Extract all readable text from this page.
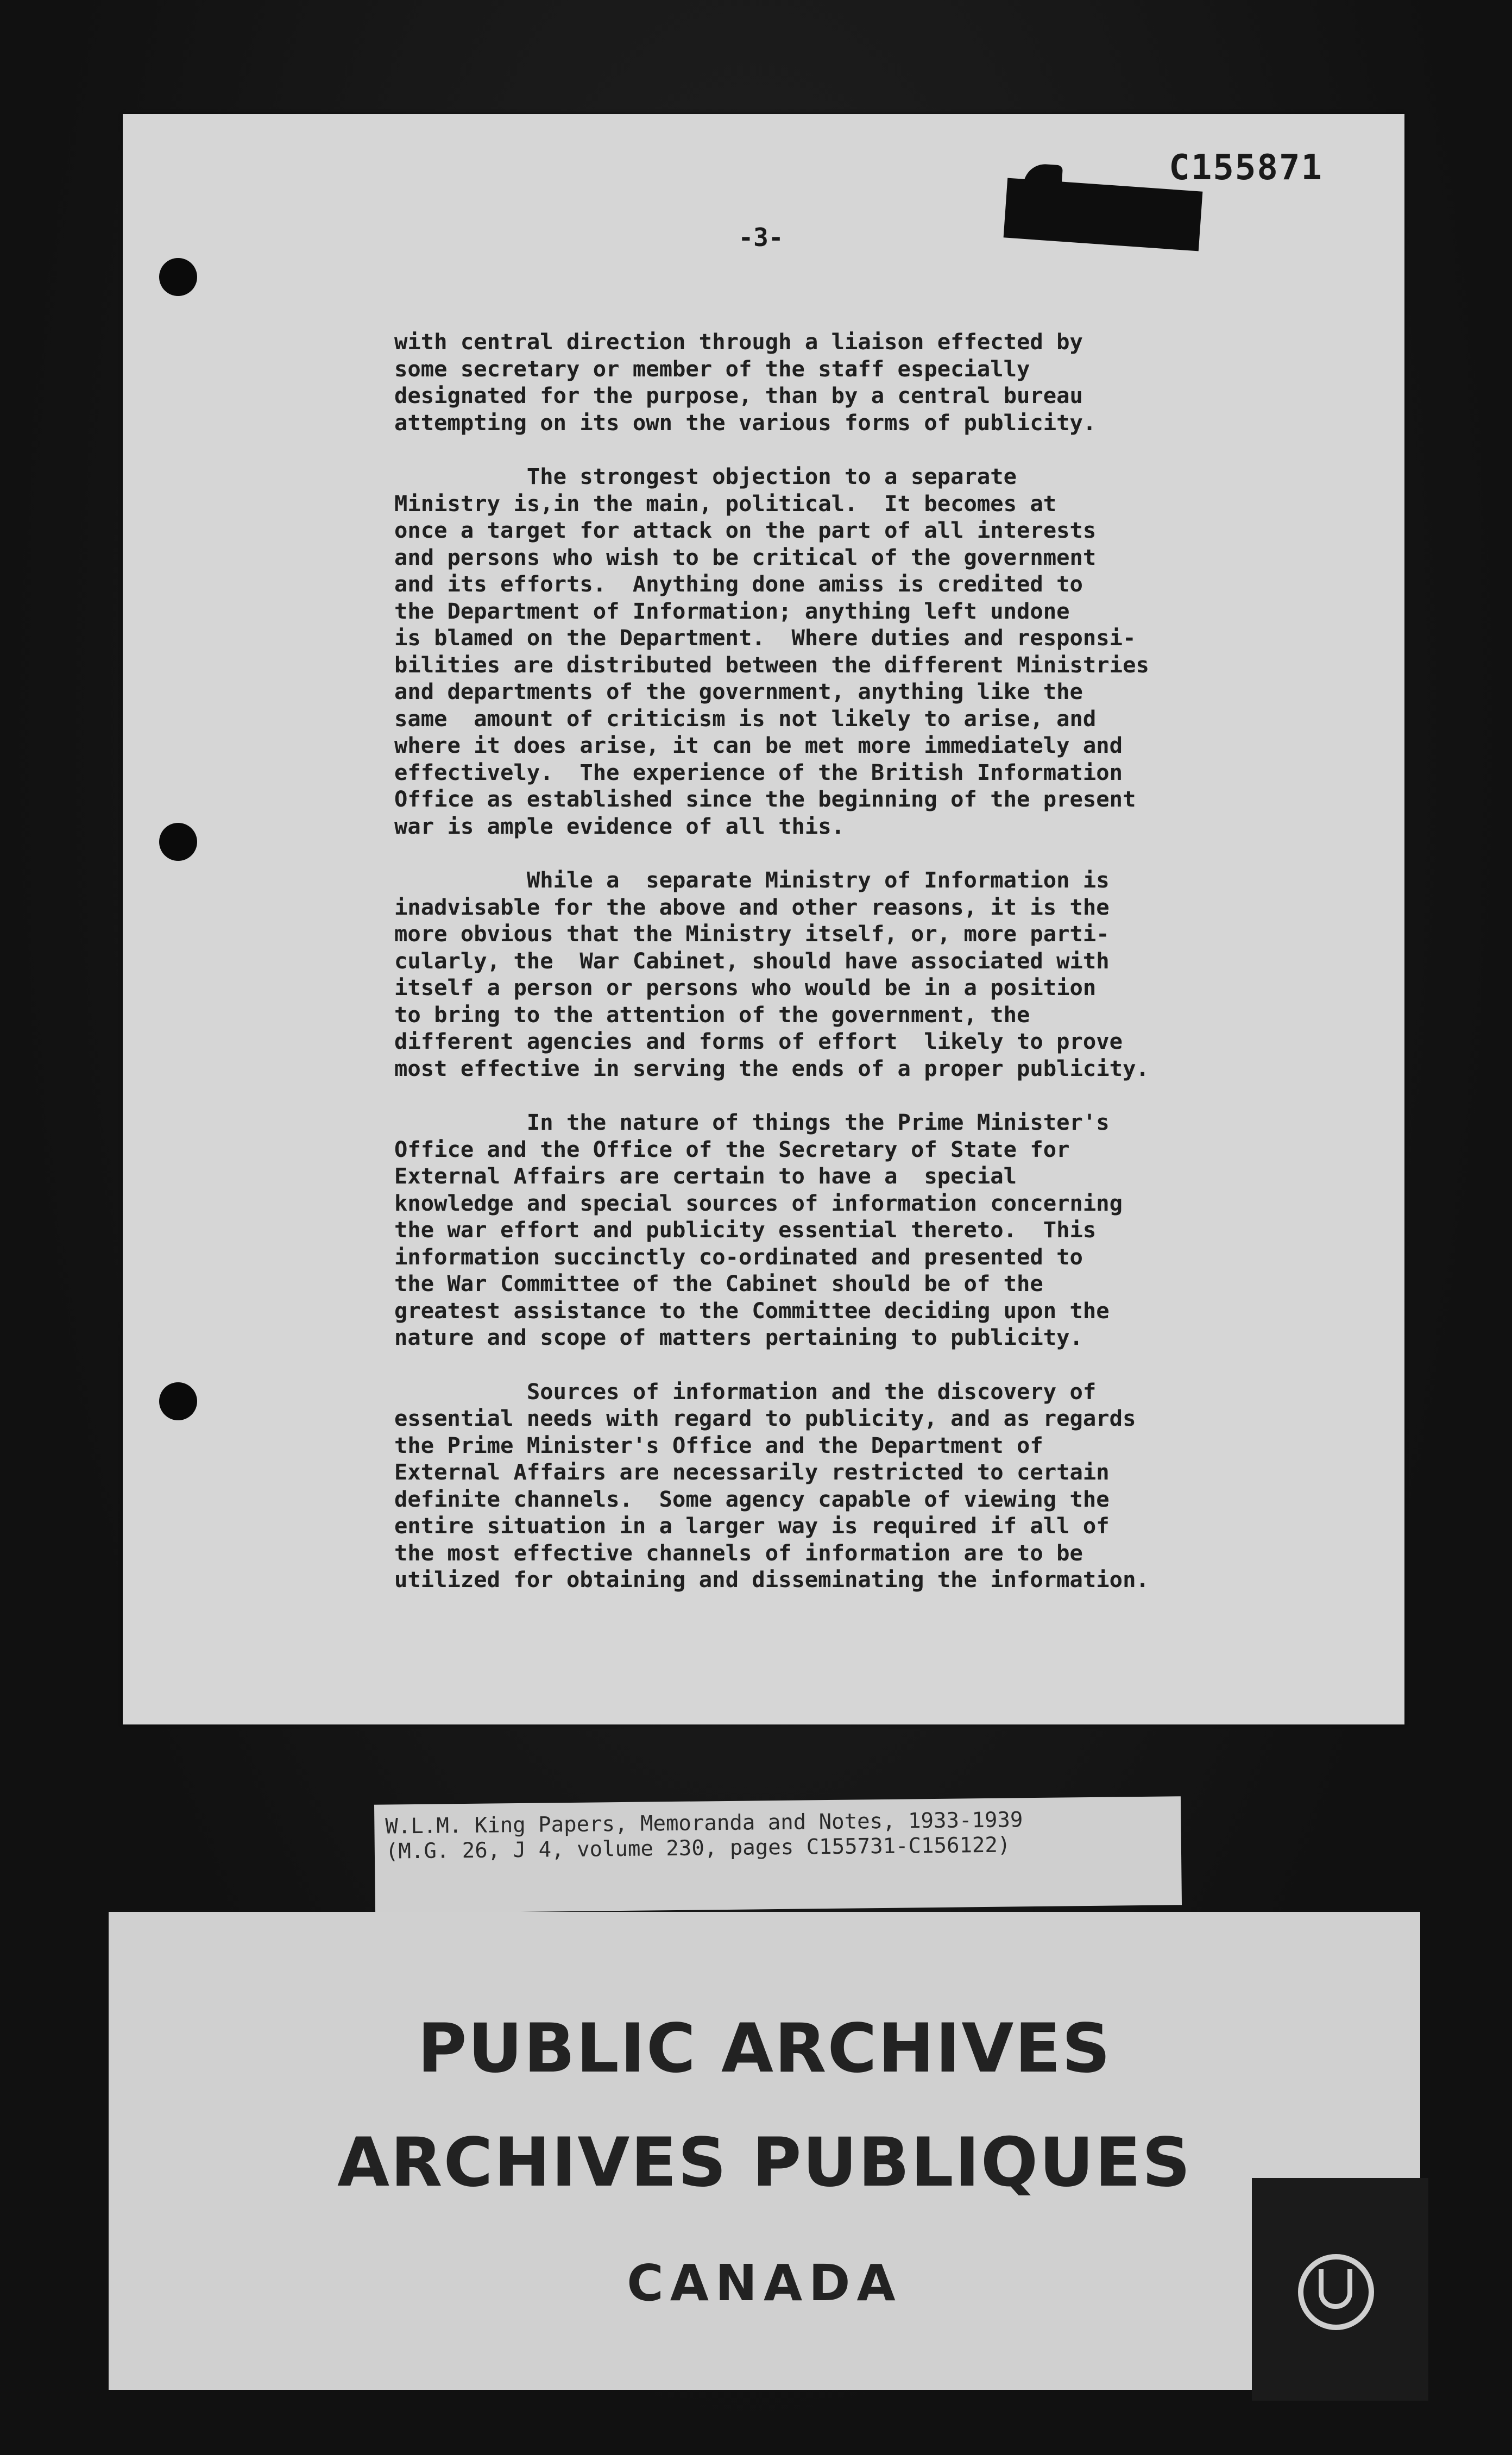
C155871
-3-
with central direction through a liaison effected by
some secretary or member of the staff especially
designated for the purpose, than by a central bureau
attempting on its own the various forms of publicity.
The strongest objection to a separate
Ministry is,in the main, political.  It becomes at
once a target for attack on the part of all interests
and persons who wish to be critical of the government
and its efforts.  Anything done amiss is credited to
the Department of Information; anything left undone
is blamed on the Department.  Where duties and responsi-
bilities are distributed between the different Ministries
and departments of the government, anything like the
same  amount of criticism is not likely to arise, and
where it does arise, it can be met more immediately and
effectively.  The experience of the British Information
Office as established since the beginning of the present
war is ample evidence of all this.
While a  separate Ministry of Information is
inadvisable for the above and other reasons, it is the
more obvious that the Ministry itself, or, more parti-
cularly, the  War Cabinet, should have associated with
itself a person or persons who would be in a position
to bring to the attention of the government, the
different agencies and forms of effort  likely to prove
most effective in serving the ends of a proper publicity.
In the nature of things the Prime Minister's
Office and the Office of the Secretary of State for
External Affairs are certain to have a  special
knowledge and special sources of information concerning
the war effort and publicity essential thereto.  This
information succinctly co-ordinated and presented to
the War Committee of the Cabinet should be of the
greatest assistance to the Committee deciding upon the
nature and scope of matters pertaining to publicity.
Sources of information and the discovery of
essential needs with regard to publicity, and as regards
the Prime Minister's Office and the Department of
External Affairs are necessarily restricted to certain
definite channels.  Some agency capable of viewing the
entire situation in a larger way is required if all of
the most effective channels of information are to be
utilized for obtaining and disseminating the information.
W.L.M. King Papers, Memoranda and Notes, 1933-1939
(M.G. 26, J 4, volume 230, pages C155731-C156122)
PUBLIC ARCHIVES
ARCHIVES PUBLIQUES
CANADA
